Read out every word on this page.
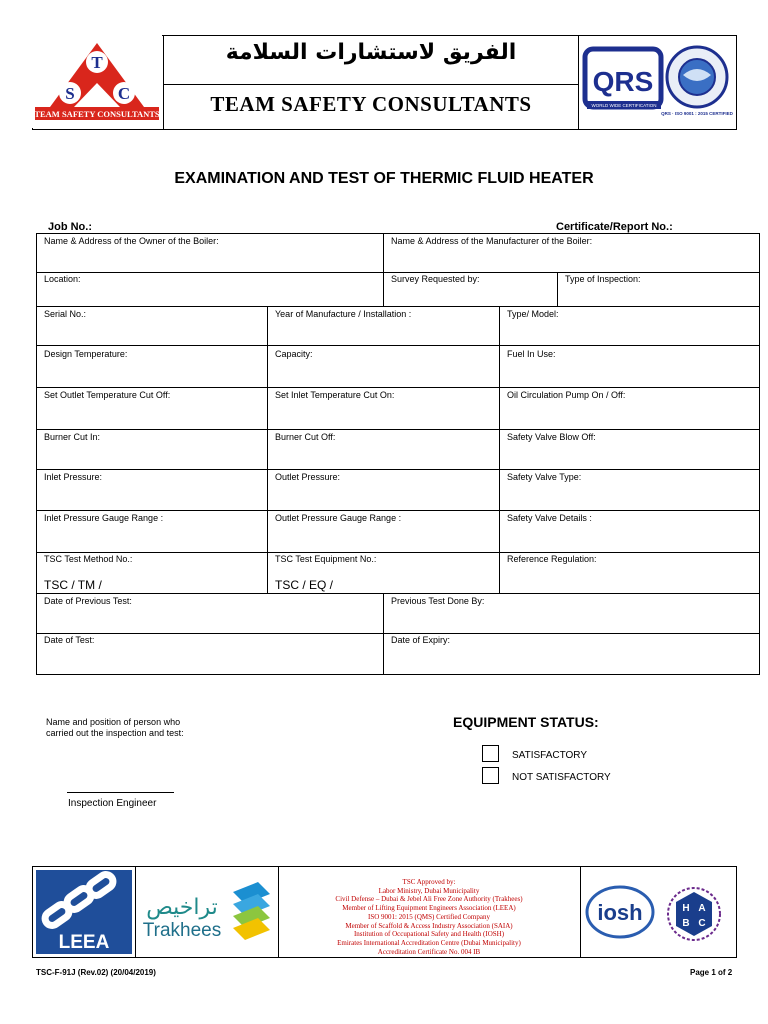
T
S	C
TEAM SAFETY CONSULTANTS
الفريق لاستشارات السلامة
TEAM SAFETY CONSULTANTS
QRS
WORLD WIDE CERTIFICATION
QRS · ISO 9001 : 2015 CERTIFIED
EXAMINATION AND TEST OF THERMIC FLUID HEATER
Job No.:	Certificate/Report No.:
Name & Address of the Owner of the Boiler:	Name & Address of the Manufacturer of the Boiler:
Location:	Survey Requested by:	Type of Inspection:
Serial No.:	Year of Manufacture / Installation :	Type/ Model:
Design Temperature:	Capacity:	Fuel In Use:
Set Outlet Temperature Cut Off:	Set Inlet Temperature Cut On:	Oil Circulation Pump On / Off:
Burner Cut In:	Burner Cut Off:	Safety Valve Blow Off:
Inlet Pressure:	Outlet Pressure:	Safety Valve Type:
Inlet Pressure Gauge Range :	Outlet Pressure Gauge Range :	Safety Valve Details :
TSC Test Method No.:
TSC / TM /
TSC Test Equipment No.:
TSC / EQ /
Reference Regulation:
Date of Previous Test:	Previous Test Done By:
Date of Test:	Date of Expiry:
Name and position of person who
carried out the inspection and test:
Inspection Engineer
EQUIPMENT STATUS:
SATISFACTORY
NOT SATISFACTORY
LEEA
تراخيص
Trakhees
TSC Approved by:
Labor Ministry, Dubai Municipality
Civil Defense – Dubai & Jebel Ali Free Zone Authority (Trakhees)
Member of Lifting Equipment Engineers Association (LEEA)
ISO 9001: 2015 (QMS) Certified Company
Member of Scaffold & Access Industry Association (SAIA)
Institution of Occupational Safety and Health (IOSH)
Emirates International Accreditation Centre (Dubai Municipality)
Accreditation Certificate No. 004 IB
iosh	H A
B C
TSC-F-91J (Rev.02) (20/04/2019)	Page 1 of 2
